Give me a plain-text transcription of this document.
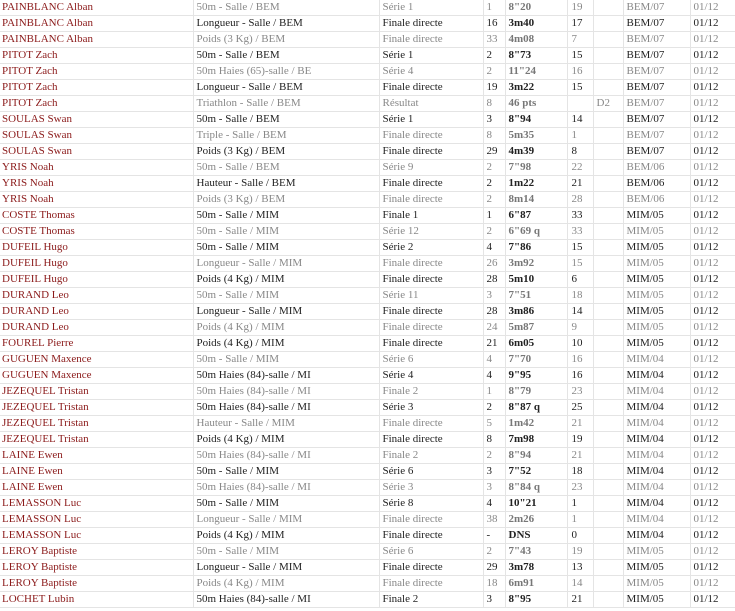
PAINBLANC Alban	50m - Salle / BEM	Série 1	1	8"20	19		BEM/07	01/12
PAINBLANC Alban	Longueur - Salle / BEM	Finale directe	16	3m40	17		BEM/07	01/12
PAINBLANC Alban	Poids (3 Kg) / BEM	Finale directe	33	4m08	7		BEM/07	01/12
PITOT Zach	50m - Salle / BEM	Série 1	2	8"73	15		BEM/07	01/12
PITOT Zach	50m Haies (65)-salle / BE	Série 4	2	11"24	16		BEM/07	01/12
PITOT Zach	Longueur - Salle / BEM	Finale directe	19	3m22	15		BEM/07	01/12
PITOT Zach	Triathlon - Salle / BEM	Résultat	8	46 pts		D2	BEM/07	01/12
SOULAS Swan	50m - Salle / BEM	Série 1	3	8"94	14		BEM/07	01/12
SOULAS Swan	Triple - Salle / BEM	Finale directe	8	5m35	1		BEM/07	01/12
SOULAS Swan	Poids (3 Kg) / BEM	Finale directe	29	4m39	8		BEM/07	01/12
YRIS Noah	50m - Salle / BEM	Série 9	2	7"98	22		BEM/06	01/12
YRIS Noah	Hauteur - Salle / BEM	Finale directe	2	1m22	21		BEM/06	01/12
YRIS Noah	Poids (3 Kg) / BEM	Finale directe	2	8m14	28		BEM/06	01/12
COSTE Thomas	50m - Salle / MIM	Finale 1	1	6"87	33		MIM/05	01/12
COSTE Thomas	50m - Salle / MIM	Série 12	2	6"69 q	33		MIM/05	01/12
DUFEIL Hugo	50m - Salle / MIM	Série 2	4	7"86	15		MIM/05	01/12
DUFEIL Hugo	Longueur - Salle / MIM	Finale directe	26	3m92	15		MIM/05	01/12
DUFEIL Hugo	Poids (4 Kg) / MIM	Finale directe	28	5m10	6		MIM/05	01/12
DURAND Leo	50m - Salle / MIM	Série 11	3	7"51	18		MIM/05	01/12
DURAND Leo	Longueur - Salle / MIM	Finale directe	28	3m86	14		MIM/05	01/12
DURAND Leo	Poids (4 Kg) / MIM	Finale directe	24	5m87	9		MIM/05	01/12
FOUREL Pierre	Poids (4 Kg) / MIM	Finale directe	21	6m05	10		MIM/05	01/12
GUGUEN Maxence	50m - Salle / MIM	Série 6	4	7"70	16		MIM/04	01/12
GUGUEN Maxence	50m Haies (84)-salle / MI	Série 4	4	9"95	16		MIM/04	01/12
JEZEQUEL Tristan	50m Haies (84)-salle / MI	Finale 2	1	8"79	23		MIM/04	01/12
JEZEQUEL Tristan	50m Haies (84)-salle / MI	Série 3	2	8"87 q	25		MIM/04	01/12
JEZEQUEL Tristan	Hauteur - Salle / MIM	Finale directe	5	1m42	21		MIM/04	01/12
JEZEQUEL Tristan	Poids (4 Kg) / MIM	Finale directe	8	7m98	19		MIM/04	01/12
LAINE Ewen	50m Haies (84)-salle / MI	Finale 2	2	8"94	21		MIM/04	01/12
LAINE Ewen	50m - Salle / MIM	Série 6	3	7"52	18		MIM/04	01/12
LAINE Ewen	50m Haies (84)-salle / MI	Série 3	3	8"84 q	23		MIM/04	01/12
LEMASSON Luc	50m - Salle / MIM	Série 8	4	10"21	1		MIM/04	01/12
LEMASSON Luc	Longueur - Salle / MIM	Finale directe	38	2m26	1		MIM/04	01/12
LEMASSON Luc	Poids (4 Kg) / MIM	Finale directe	-	DNS	0		MIM/04	01/12
LEROY Baptiste	50m - Salle / MIM	Série 6	2	7"43	19		MIM/05	01/12
LEROY Baptiste	Longueur - Salle / MIM	Finale directe	29	3m78	13		MIM/05	01/12
LEROY Baptiste	Poids (4 Kg) / MIM	Finale directe	18	6m91	14		MIM/05	01/12
LOCHET Lubin	50m Haies (84)-salle / MI	Finale 2	3	8"95	21		MIM/05	01/12
